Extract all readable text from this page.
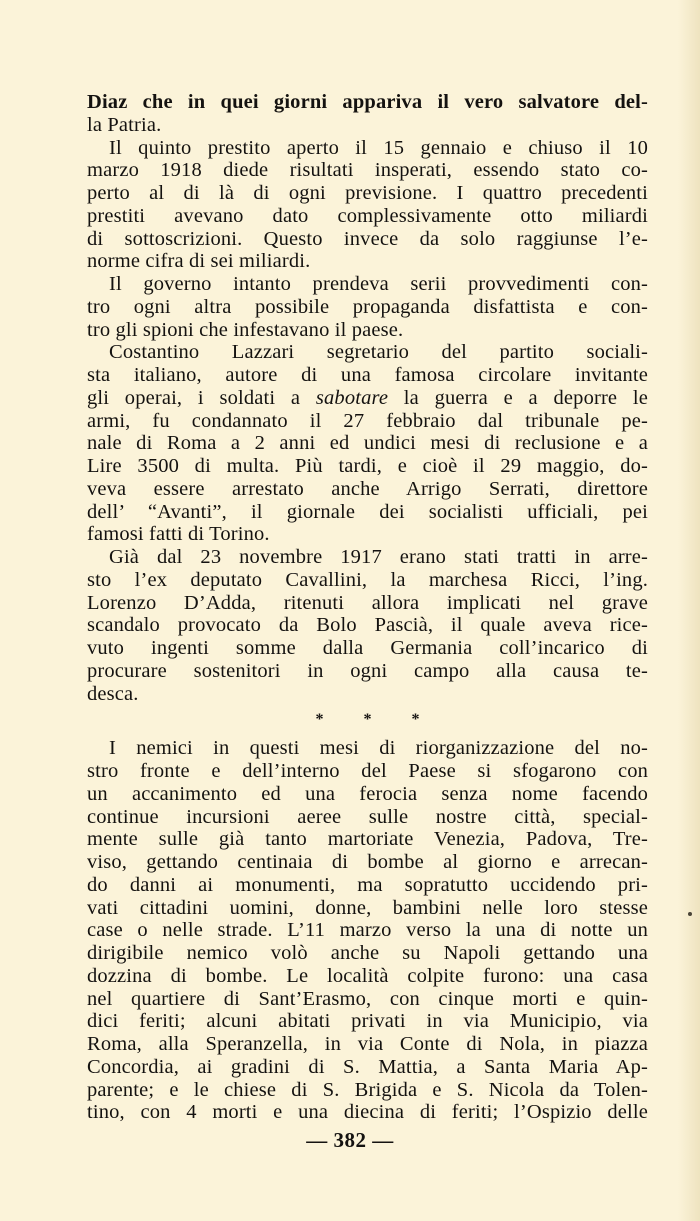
Diaz che in quei giorni appariva il vero salvatore del-
la Patria.
Il quinto prestito aperto il 15 gennaio e chiuso il 10
marzo 1918 diede risultati insperati, essendo stato co-
perto al di là di ogni previsione. I quattro precedenti
prestiti avevano dato complessivamente otto miliardi
di sottoscrizioni. Questo invece da solo raggiunse l’e-
norme cifra di sei miliardi.
Il governo intanto prendeva serii provvedimenti con-
tro ogni altra possibile propaganda disfattista e con-
tro gli spioni che infestavano il paese.
Costantino Lazzari segretario del partito sociali-
sta italiano, autore di una famosa circolare invitante
gli operai, i soldati a sabotare la guerra e a deporre le
armi, fu condannato il 27 febbraio dal tribunale pe-
nale di Roma a 2 anni ed undici mesi di reclusione e a
Lire 3500 di multa. Più tardi, e cioè il 29 maggio, do-
veva essere arrestato anche Arrigo Serrati, direttore
dell’ “Avanti”, il giornale dei socialisti ufficiali, pei
famosi fatti di Torino.
Già dal 23 novembre 1917 erano stati tratti in arre-
sto l’ex deputato Cavallini, la marchesa Ricci, l’ing.
Lorenzo D’Adda, ritenuti allora implicati nel grave
scandalo provocato da Bolo Pascià, il quale aveva rice-
vuto ingenti somme dalla Germania coll’incarico di
procurare sostenitori in ogni campo alla causa te-
desca.
* * *
I nemici in questi mesi di riorganizzazione del no-
stro fronte e dell’interno del Paese si sfogarono con
un accanimento ed una ferocia senza nome facendo
continue incursioni aeree sulle nostre città, special-
mente sulle già tanto martoriate Venezia, Padova, Tre-
viso, gettando centinaia di bombe al giorno e arrecan-
do danni ai monumenti, ma sopratutto uccidendo pri-
vati cittadini uomini, donne, bambini nelle loro stesse
case o nelle strade. L’11 marzo verso la una di notte un
dirigibile nemico volò anche su Napoli gettando una
dozzina di bombe. Le località colpite furono: una casa
nel quartiere di Sant’Erasmo, con cinque morti e quin-
dici feriti; alcuni abitati privati in via Municipio, via
Roma, alla Speranzella, in via Conte di Nola, in piazza
Concordia, ai gradini di S. Mattia, a Santa Maria Ap-
parente; e le chiese di S. Brigida e S. Nicola da Tolen-
tino, con 4 morti e una diecina di feriti; l’Ospizio delle
— 382 —
